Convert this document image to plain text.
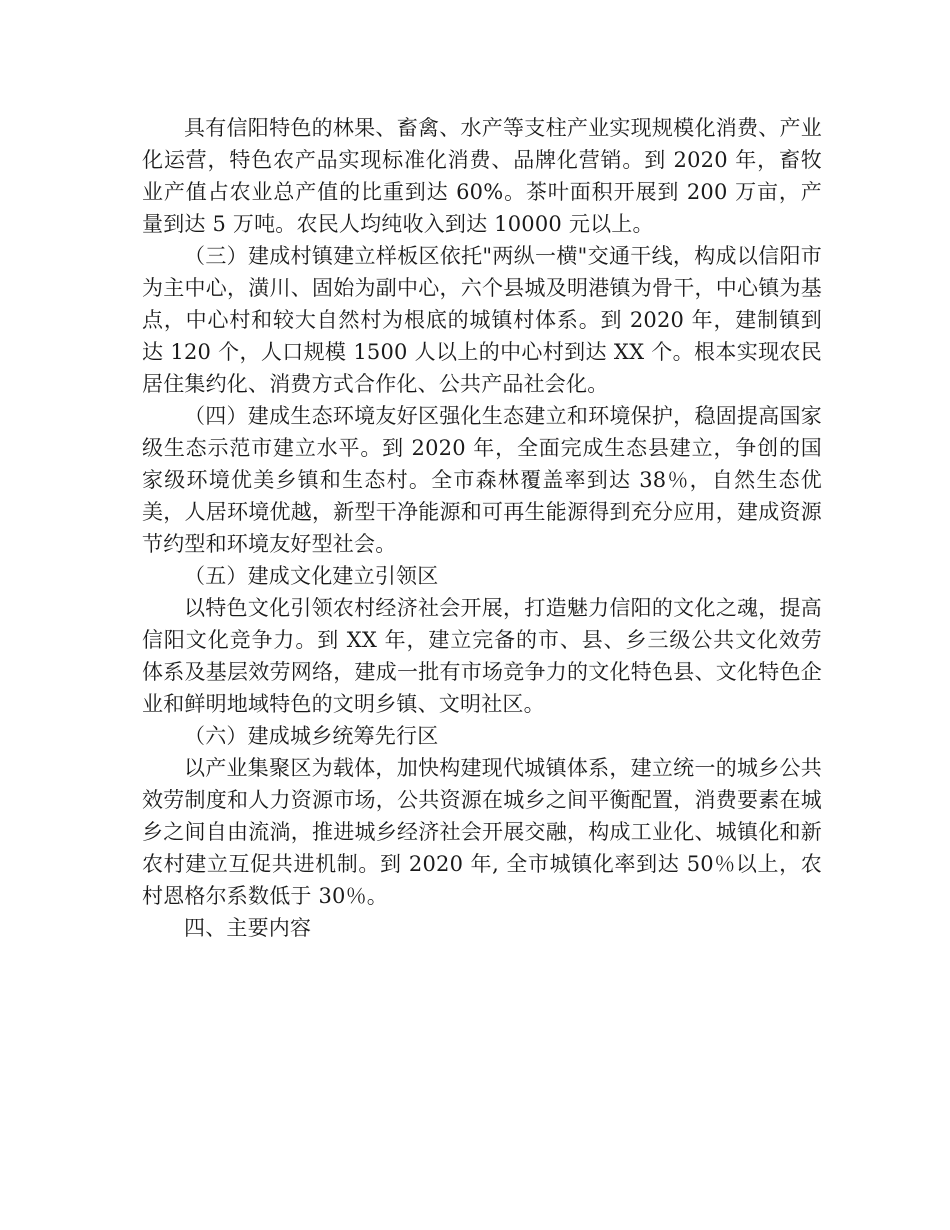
具有信阳特色的林果、畜禽、水产等支柱产业实现规模化消费、产业化运营，特色农产品实现标准化消费、品牌化营销。到 2020 年，畜牧业产值占农业总产值的比重到达 60%。茶叶面积开展到 200 万亩，产量到达 5 万吨。农民人均纯收入到达 10000 元以上。

（三）建成村镇建立样板区依托"两纵一横"交通干线，构成以信阳市为主中心，潢川、固始为副中心，六个县城及明港镇为骨干，中心镇为基点，中心村和较大自然村为根底的城镇村体系。到 2020 年，建制镇到达 120 个，人口规模 1500 人以上的中心村到达 XX 个。根本实现农民居住集约化、消费方式合作化、公共产品社会化。

（四）建成生态环境友好区强化生态建立和环境保护，稳固提高国家级生态示范市建立水平。到 2020 年，全面完成生态县建立，争创的国家级环境优美乡镇和生态村。全市森林覆盖率到达 38％，自然生态优美，人居环境优越，新型干净能源和可再生能源得到充分应用，建成资源节约型和环境友好型社会。

（五）建成文化建立引领区

以特色文化引领农村经济社会开展，打造魅力信阳的文化之魂，提高信阳文化竞争力。到 XX 年，建立完备的市、县、乡三级公共文化效劳体系及基层效劳网络，建成一批有市场竞争力的文化特色县、文化特色企业和鲜明地域特色的文明乡镇、文明社区。

（六）建成城乡统筹先行区

以产业集聚区为载体，加快构建现代城镇体系，建立统一的城乡公共效劳制度和人力资源市场，公共资源在城乡之间平衡配置，消费要素在城乡之间自由流淌，推进城乡经济社会开展交融，构成工业化、城镇化和新农村建立互促共进机制。到 2020 年, 全市城镇化率到达 50％以上，农村恩格尔系数低于 30％。

四、主要内容
